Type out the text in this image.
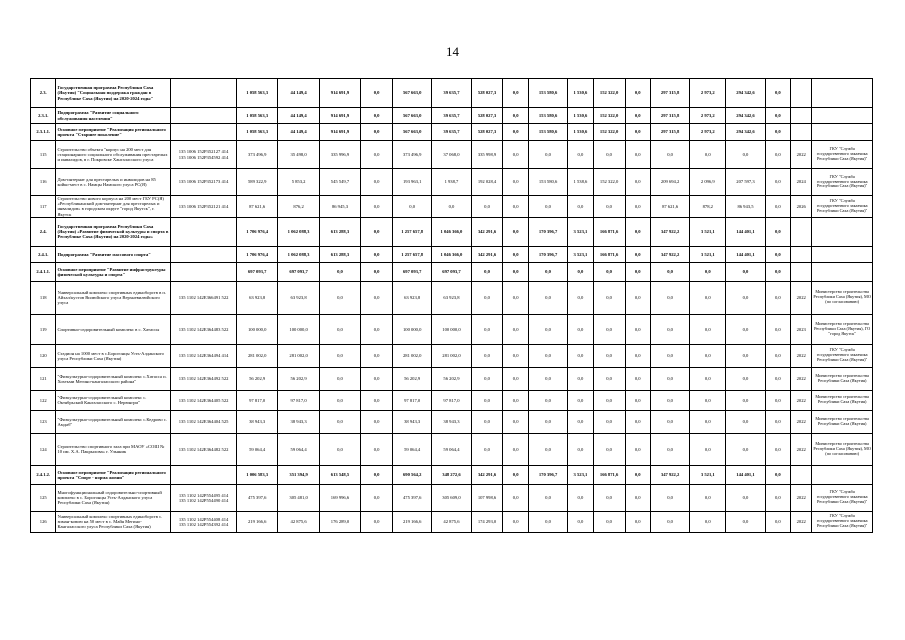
14
2.3.	Государственная программа Республики Саха (Якутия) "Социальная поддержка граждан в Республике Саха (Якутия) на 2020-2024 годы"		1 058 563,3	44 149,4	914 691,9	0,0	567 663,0	39 635,7	528 027,3	0,0	153 580,6	1 530,6	152 322,0	0,0	297 315,8	2 973,2	294 342,6	0,0		
2.3.1.	Подпрограмма "Развитие социального обслуживания населения"		1 058 563,3	44 149,4	914 691,9	0,0	567 663,0	39 635,7	528 027,3	0,0	153 580,6	1 530,6	152 322,0	0,0	297 315,8	2 973,2	294 342,6	0,0		
2.3.1.1.	Основное мероприятие "Реализация регионального проекта "Старшее поколение"		1 058 563,3	44 149,4	914 691,9	0,0	567 663,0	39 635,7	528 027,3	0,0	153 580,6	1 530,6	152 322,0	0,0	297 315,8	2 973,2	294 342,6	0,0		
115	Строительство объекта "корпус на 200 мест для стационарного социального обслуживания престарелых и инвалидов, в г. Покровске Хангаласского улуса	135 1006 152Р352127 414
135 1006 152Р354592 414	373 496,9	35 498,0	335 996,9	0,0	373 496,9	37 068,0	335 998,9	0,0	0,0	0,0	0,0	0,0	0,0	0,0	0,0	0,0	2022	ГКУ "Служба государственного заказчика Республики Саха (Якутия)"
116	Дом-интернат для престарелых и инвалидов на 85 койко-мест в с. Намцы Намского улуса РС(Я)	135 1006 152Р352173 414	589 322,9	5 853,2	545 549,7	0,0	193 963,1	1 938,7	192 028,4	0,0	153 580,6	1 538,6	152 322,0	0,0	209 694,2	2 096,9	207 597,3	0,0	2024	ГКУ "Служба государственного заказчика Республики Саха (Якутия)"
117	Строительство нового корпуса на 200 мест ГБУ РС(Я) «Республиканский дом-интернат для престарелых и инвалидов» в городском округе "город Якутск", г. Якутск	135 1006 152Р352121 414	87 621,6	876,2	86 945,3	0,0	0,0	0,0	0,0	0,0	0,0	0,0	0,0	0,0	87 621,6	878,2	86 943,5	0,0	2026	ГКУ "Служба государственного заказчика Республики Саха (Якутия)"
2.4.	Государственная программа Республики Саха (Якутия) «Развитие физической культуры и спорта в Республике Саха (Якутия) на 2020-2024 годы»		1 706 976,4	1 062 088,3	613 288,3	0,0	1 257 657,8	1 046 366,0	342 291,6	0,0	170 396,7	3 523,1	166 871,6	0,0	347 922,2	3 521,1	144 401,1	0,0		
2.4.1.	Подпрограмма "Развитие массового спорта"		1 706 976,4	1 062 088,3	613 288,3	0,0	1 257 657,8	1 046 366,0	342 291,6	0,0	170 396,7	3 523,1	166 871,6	0,0	347 922,2	3 521,1	144 401,1	0,0		
2.4.1.1.	Основное мероприятие "Развитие инфраструктуры физической культуры и спорта"		697 093,7	697 093,7	0,0	0,0	697 093,7	697 093,7	0,0	0,0	0,0	0,0	0,0	0,0	0,0	0,0	0,0	0,0		
118	Универсальный комплекс спортивных единоборств в п. Айхал/кустов Вилюйского улуса Верхневилюйского улуса	135 1102 142Е366491 522	63 923,8	63 923,8	0,0	0,0	63 923,8	63 923,8	0,0	0,0	0,0	0,0	0,0	0,0	0,0	0,0	0,0	0,0	2022	Министерство строительства Республики Саха (Якутия), МО (по согласованию)
119	Спортивно-оздоровительный комплекс в с. Хатассы	135 1102 142Е364483 522	100 000,0	100 000,0	0,0	0,0	100 000,0	100 000,0	0,0	0,0	0,0	0,0	0,0	0,0	0,0	0,0	0,0	0,0	2023	Министерство строительства Республики Саха (Якутия), ГО "город Якутск"
120	Стадион на 1000 мест в с.Борогонцы Усть-Алданского улуса Республики Саха (Якутия)	135 1102 142Е364494 414	281 002,0	281 002,0	0,0	0,0	281 002,0	281 002,0	0,0	0,0	0,0	0,0	0,0	0,0	0,0	0,0	0,0	0,0	2022	ГКУ "Служба государственного заказчика Республики Саха (Якутия)"
121	"Физкультурно-оздоровительный комплекс с.Хатасса п. Хохтьми Мегино-кангаласского района"	135 1102 142Е364492 522	56 202,9	56 202,9	0,0	0,0	56 202,9	56 202,9	0,0	0,0	0,0	0,0	0,0	0,0	0,0	0,0	0,0	0,0	2022	Министерство строительства Республики Саха (Якутия)
122	"Физкультурно-оздоровительный комплекс с. Октябрьский Кангаласского с. Нерюнгри"	135 1102 142Е364405 522	97 817,0	97 817,0	0,0	0,0	97 817,0	97 817,0	0,0	0,0	0,0	0,0	0,0	0,0	0,0	0,0	0,0	0,0	2022	Министерство строительства Республики Саха (Якутия)
123	"Физкультурно-оздоровительный комплекс с.Кедрово с. Амдаб"	135 1102 142Е364404 525	38 943,3	38 943,3	0,0	0,0	38 943,3	38 943,3	0,0	0,0	0,0	0,0	0,0	0,0	0,0	0,0	0,0	0,0	2022	Министерство строительства Республики Саха (Якутия)
124	Строительство спортивного зала при МАОУ «СОШ № 10 им. Х.А. Пакрылова» г. Ульяник	135 1102 142Е364482 522	59 064,4	59 064,4	0,0	0,0	59 064,4	59 064,4	0,0	0,0	0,0	0,0	0,0	0,0	0,0	0,0	0,0	0,0	2022	Министерство строительства Республики Саха (Якутия), МО (по согласованию)
2.4.1.2.	Основное мероприятие "Реализация регионального проекта "Спорт - норма жизни"		1 006 583,3	351 394,9	613 548,5	0,0	690 564,2	348 272,6	342 291,6	0,0	170 396,7	3 523,1	166 871,6	0,0	347 922,2	3 521,1	144 401,1	0,0		
125	Многофункциональный оздоровительно-спортивный комплекс в с. Борогонцы Усть-Алданского улуса Республики Саха (Якутия)	135 1102 142Р554495 414
135 1102 142Р554490 414	475 397,6	305 481,0	169 996,6	0,0	475 397,6	305 609,0	107 998,6	0,0	0,0	0,0	0,0	0,0	0,0	0,0	0,0	0,0	2022	ГКУ "Служба государственного заказчика Республики Саха (Якутия)"
126	Универсальный комплекс спортивных единоборств с. зиман-ковою на 50 мест в с. Майя Мегино-Кангаласского улуса Республики Саха (Якутия)	135 1102 142Р554408 414
135 1102 142Р554392 414	219 166,6	42 875,6	176 289,0	0,0	219 166,6	42 875,6	174 293,0	0,0	0,0	0,0	0,0	0,0	0,0	0,0	0,0	0,0	2022	ГКУ "Служба государственного заказчика Республики Саха (Якутия)"
